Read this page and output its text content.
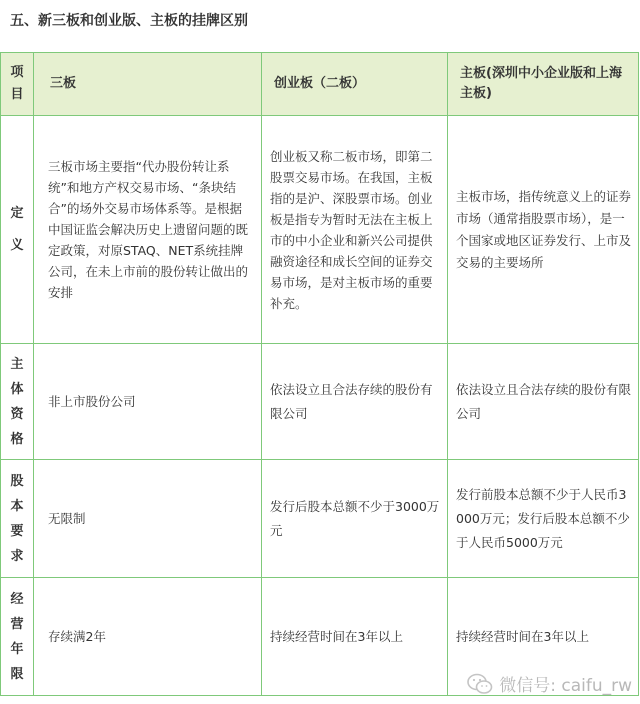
五、新三板和创业版、主板的挂牌区别
项目	三板	创业板（二板）	主板(深圳中小企业版和上海主板)
定义	三板市场主要指“代办股份转让系统”和地方产权交易市场、“条块结合”的场外交易市场体系等。是根据中国证监会解决历史上遗留问题的既定政策，对原STAQ、NET系统挂牌公司，在未上市前的股份转让做出的安排	创业板又称二板市场，即第二股票交易市场。在我国，主板指的是沪、深股票市场。创业板是指专为暂时无法在主板上市的中小企业和新兴公司提供融资途径和成长空间的证券交易市场，是对主板市场的重要补充。	主板市场，指传统意义上的证券市场（通常指股票市场），是一个国家或地区证券发行、上市及交易的主要场所
主体资格	非上市股份公司	依法设立且合法存续的股份有限公司	依法设立且合法存续的股份有限公司
股本要求	无限制	发行后股本总额不少于3000万元	发行前股本总额不少于人民币3000万元；发行后股本总额不少于人民币5000万元
经营年限	存续满2年	持续经营时间在3年以上	持续经营时间在3年以上
微信号: caifu_rw
